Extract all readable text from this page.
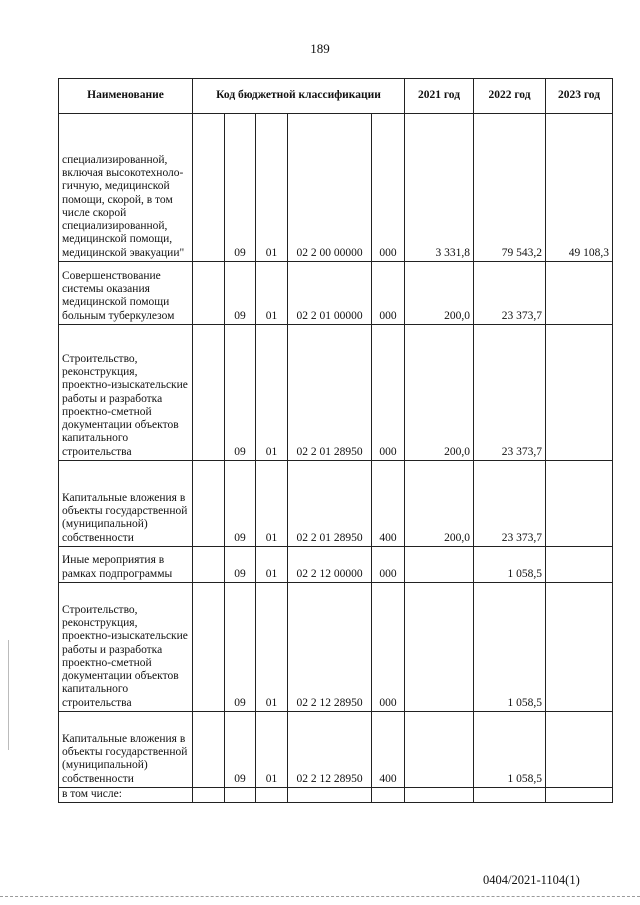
189
Наименование	Код бюджетной классификации					2021 год	2022 год	2023 год
специализированной, включая высокотехноло-гичную, медицинской помощи, скорой, в том числе скорой специализированной, медицинской помощи, медицинской эвакуации"		09	01	02 2 00 00000	000	3 331,8	79 543,2	49 108,3
Совершенствование системы оказания медицинской помощи больным туберкулезом		09	01	02 2 01 00000	000	200,0	23 373,7	
Строительство, реконструкция, проектно-изыскательские работы и разработка проектно-сметной документации объектов капитального строительства		09	01	02 2 01 28950	000	200,0	23 373,7	
Капитальные вложения в объекты государственной (муниципальной) собственности		09	01	02 2 01 28950	400	200,0	23 373,7	
Иные мероприятия в рамках подпрограммы		09	01	02 2 12 00000	000		1 058,5	
Строительство, реконструкция, проектно-изыскательские работы и разработка проектно-сметной документации объектов капитального строительства		09	01	02 2 12 28950	000		1 058,5	
Капитальные вложения в объекты государственной (муниципальной) собственности		09	01	02 2 12 28950	400		1 058,5	
в том числе:								
0404/2021-1104(1)
